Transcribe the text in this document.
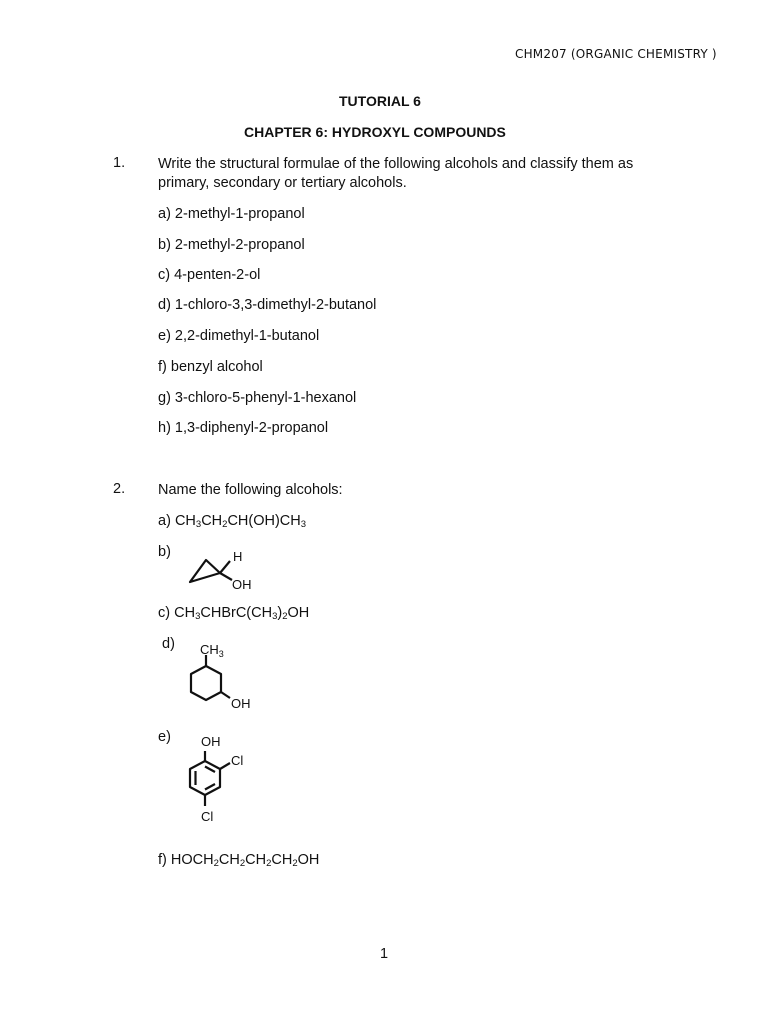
CHM207 (ORGANIC CHEMISTRY )
TUTORIAL 6
CHAPTER 6: HYDROXYL COMPOUNDS
1. Write the structural formulae of the following alcohols and classify them as
primary, secondary or tertiary alcohols.
a) 2-methyl-1-propanol
b) 2-methyl-2-propanol
c) 4-penten-2-ol
d) 1-chloro-3,3-dimethyl-2-butanol
e) 2,2-dimethyl-1-butanol
f) benzyl alcohol
g) 3-chloro-5-phenyl-1-hexanol
h) 1,3-diphenyl-2-propanol
2. Name the following alcohols:
a) $CH_3CH_2CH(OH)CH_3$
b)	H
OH
c) $CH_3CHBrC(CH_3)_2OH$
d) $CH_3$
OH
e) OH
Cl
Cl
f) $HOCH_2CH_2CH_2CH_2OH$
1
